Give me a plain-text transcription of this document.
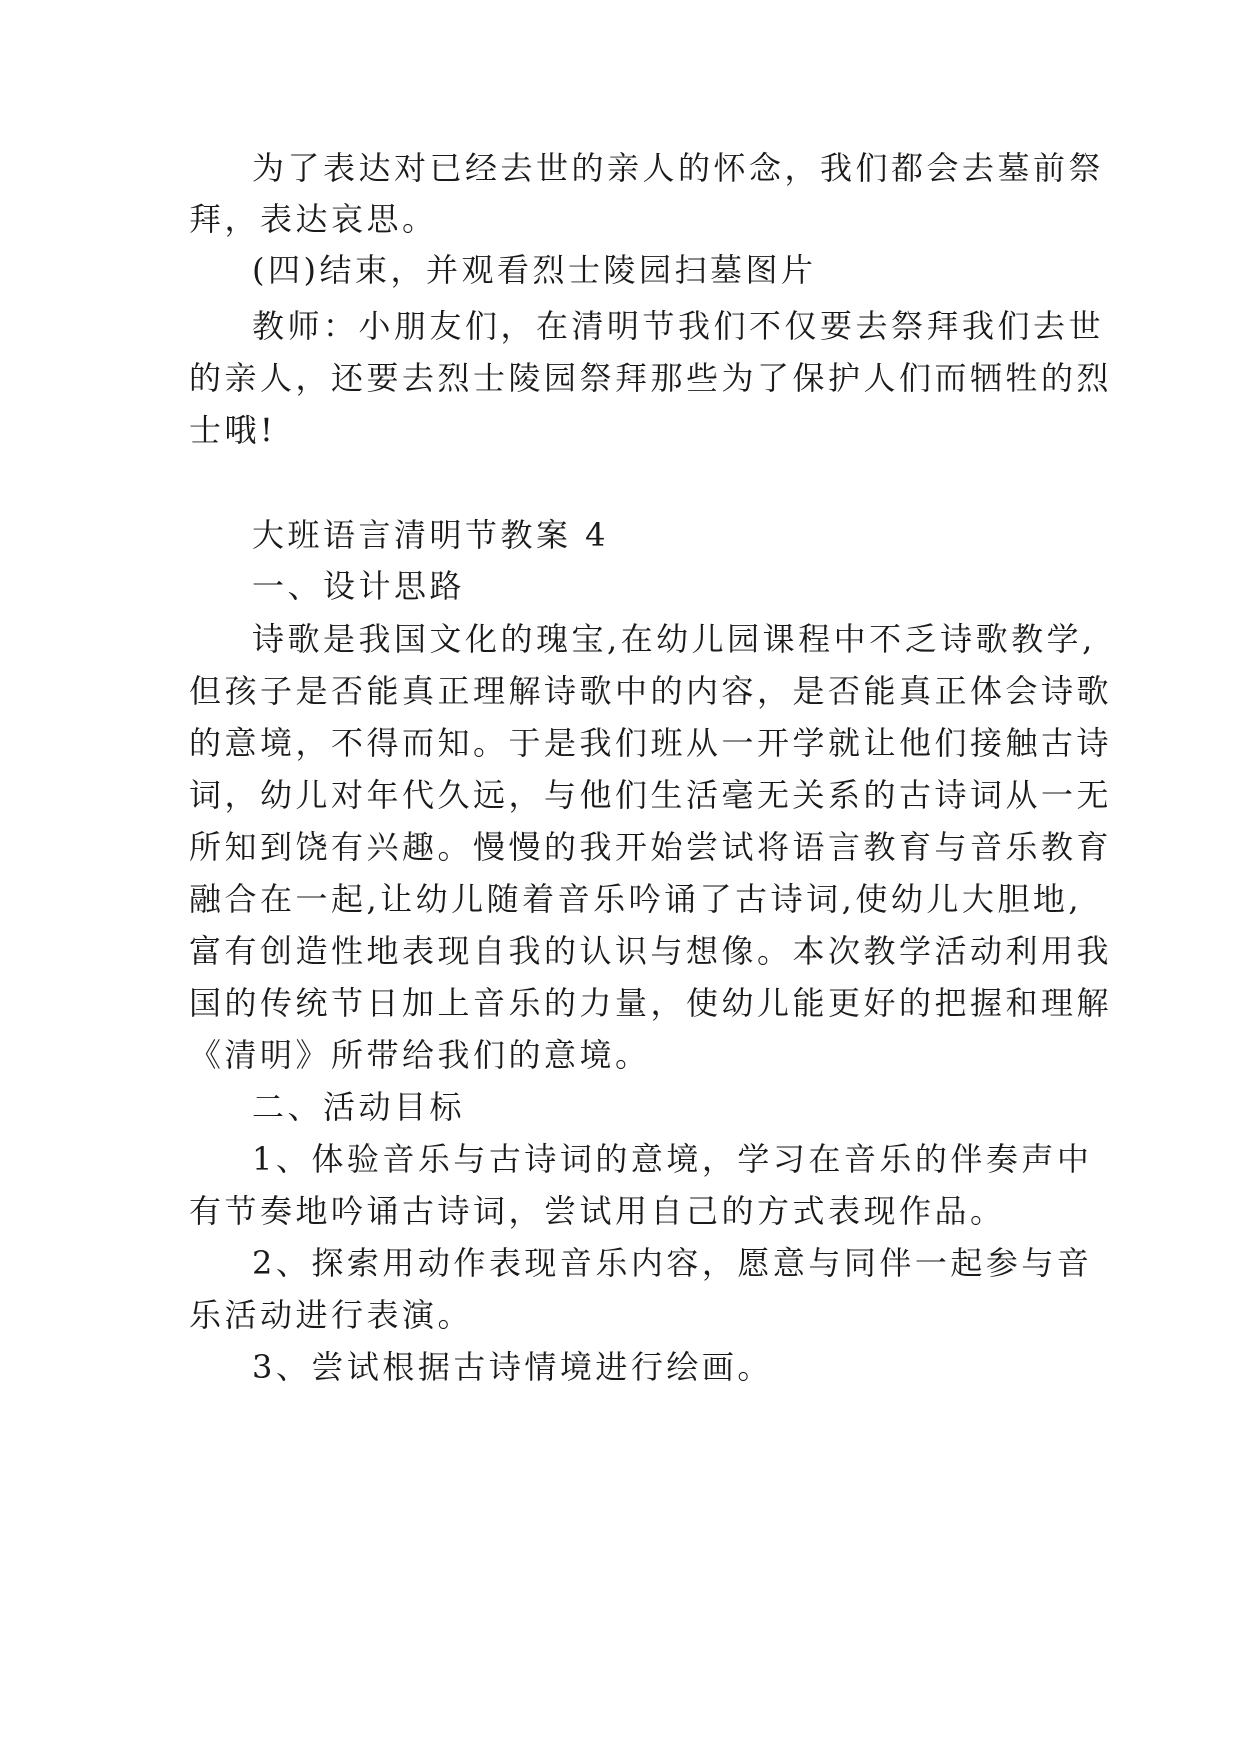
为了表达对已经去世的亲人的怀念，我们都会去墓前祭
拜，表达哀思。
(四)结束，并观看烈士陵园扫墓图片
教师：小朋友们，在清明节我们不仅要去祭拜我们去世
的亲人，还要去烈士陵园祭拜那些为了保护人们而牺牲的烈
士哦!
大班语言清明节教案 4
一、设计思路
诗歌是我国文化的瑰宝,在幼儿园课程中不乏诗歌教学,
但孩子是否能真正理解诗歌中的内容，是否能真正体会诗歌
的意境，不得而知。于是我们班从一开学就让他们接触古诗
词，幼儿对年代久远，与他们生活毫无关系的古诗词从一无
所知到饶有兴趣。慢慢的我开始尝试将语言教育与音乐教育
融合在一起,让幼儿随着音乐吟诵了古诗词,使幼儿大胆地,
富有创造性地表现自我的认识与想像。本次教学活动利用我
国的传统节日加上音乐的力量，使幼儿能更好的把握和理解
《清明》所带给我们的意境。
二、活动目标
1、体验音乐与古诗词的意境，学习在音乐的伴奏声中
有节奏地吟诵古诗词，尝试用自己的方式表现作品。
2、探索用动作表现音乐内容，愿意与同伴一起参与音
乐活动进行表演。
3、尝试根据古诗情境进行绘画。
